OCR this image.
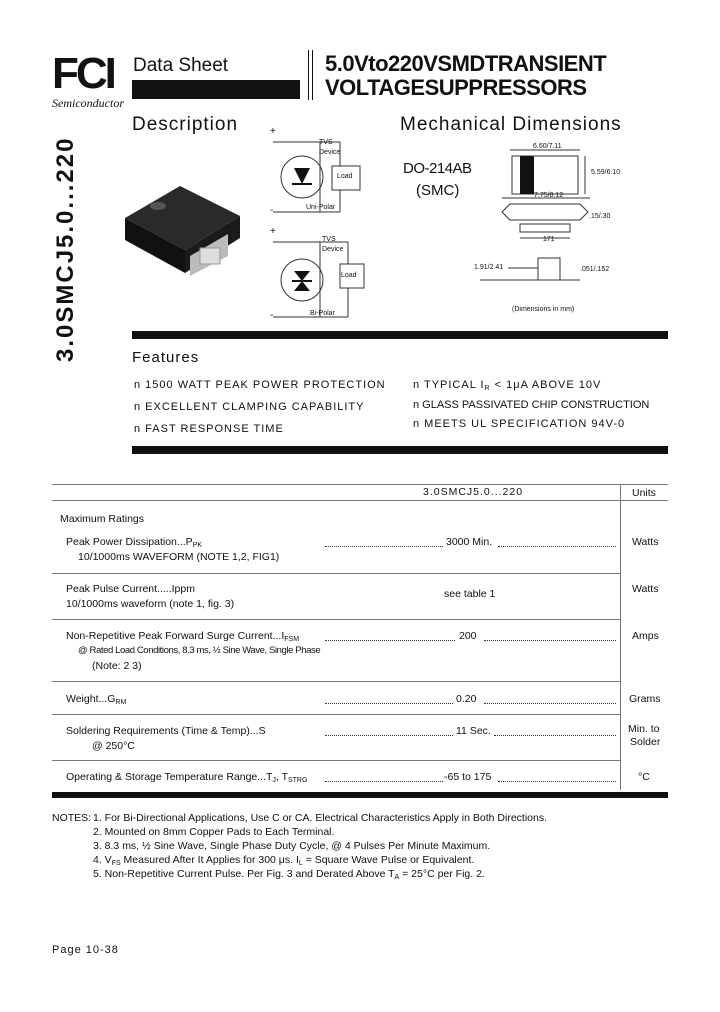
FCI
Semiconductor
Data Sheet	5.0Vto220VSMDTRANSIENT
VOLTAGESUPPRESSORS
3.0SMCJ5.0...220
Description	Mechanical Dimensions
+
-
+
-
TVS
Device
Load
Uni-Polar
TVS
Device
Load
Bi-Polar
DO-214AB
(SMC)
6.60/7.11
5.59/6.10
7.75/8.12
.15/.30
171
1.91/2.41	.051/.152
(Dimensions in mm)
Features
n 1500 WATT PEAK POWER PROTECTION
n EXCELLENT CLAMPING CAPABILITY
n FAST RESPONSE TIME
n TYPICAL $I_R < 1\mu A$ ABOVE 10V
n GLASS PASSIVATED CHIP CONSTRUCTION
n MEETS UL SPECIFICATION 94V-0
3.0SMCJ5.0...220	Units
Maximum Ratings
Peak Power $Dissipation...P_{PK}$
10/1000ms WAVEFORM (NOTE 1,2, FIG1)
3000 Min.	Watts
Peak Pulse Current.....Ippm
10/1000ms waveform (note 1, fig. 3)
see table 1	Watts
Non-Repetitive Peak Forward Surge $Current...I_{FSM}$
@ Rated Load Conditions, 8.3 ms, ½ Sine Wave, Single Phase
(Note: 2 3)
200	Amps
$Weight...G_{RM}$	0.20	Grams
Soldering Requirements (Time & Temp)...S
@ 250°C
11 Sec.	Min. to
Solder
Operating & Storage Temperature $Range...T_J$, $T_{STRG}$	-65 to 175	°C
NOTES: 1. For Bi-Directional Applications, Use C or CA. Electrical Characteristics Apply in Both Directions.
2. Mounted on 8mm Copper Pads to Each Terminal.
3. 8.3 ms, ½ Sine Wave, Single Phase Duty Cycle, @ 4 Pulses Per Minute Maximum.
4. $V_{FS}$ Measured After It Applies for 300 μs. $I_L$ = Square Wave Pulse or Equivalent.
5. Non-Repetitive Current Pulse. Per Fig. 3 and Derated Above $T_A = 25^\circ C$ per Fig. 2.
Page 10-38
